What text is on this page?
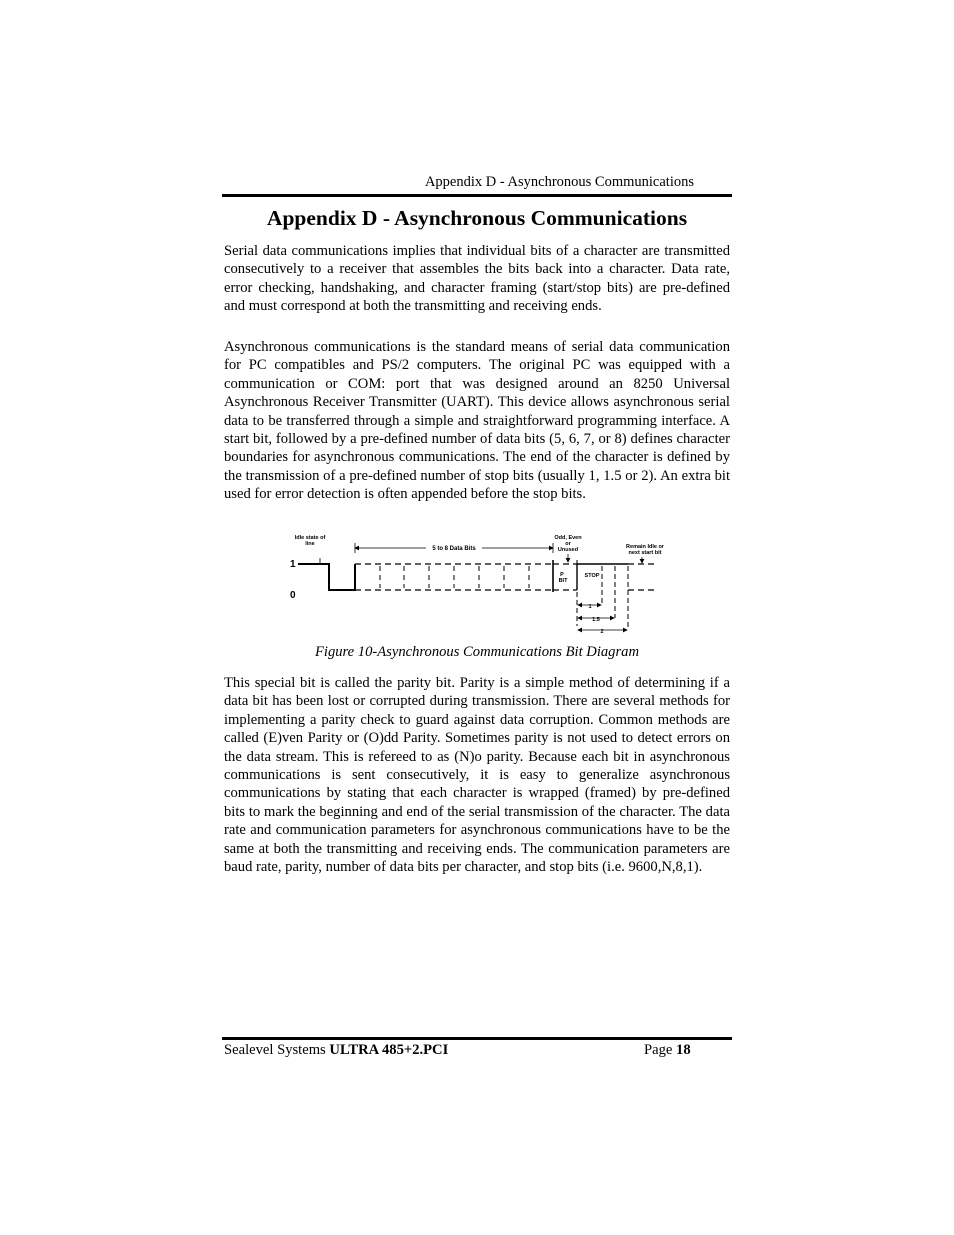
Appendix D - Asynchronous Communications
Appendix D - Asynchronous Communications

Serial data communications implies that individual bits of a character are transmitted consecutively to a receiver that assembles the bits back into a character. Data rate, error checking, handshaking, and character framing (start/stop bits) are pre-defined and must correspond at both the transmitting and receiving ends.

Asynchronous communications is the standard means of serial data communication for PC compatibles and PS/2 computers. The original PC was equipped with a communication or COM: port that was designed around an 8250 Universal Asynchronous Receiver Transmitter (UART). This device allows asynchronous serial data to be transferred through a simple and straightforward programming interface. A start bit, followed by a pre-defined number of data bits (5, 6, 7, or 8) defines character boundaries for asynchronous communications. The end of the character is defined by the transmission of a pre-defined number of stop bits (usually 1, 1.5 or 2). An extra bit used for error detection is often appended before the stop bits.

Idle state of
line
Odd, Even
or
Unused	Remain Idle or
next start bit
5 to 8 Data Bits
1
0
P
BIT
STOP
1
1.5
2
Figure 10-Asynchronous Communications Bit Diagram

This special bit is called the parity bit. Parity is a simple method of determining if a data bit has been lost or corrupted during transmission. There are several methods for implementing a parity check to guard against data corruption. Common methods are called (E)ven Parity or (O)dd Parity. Sometimes parity is not used to detect errors on the data stream. This is refereed to as (N)o parity. Because each bit in asynchronous communications is sent consecutively, it is easy to generalize asynchronous communications by stating that each character is wrapped (framed) by pre-defined bits to mark the beginning and end of the serial transmission of the character. The data rate and communication parameters for asynchronous communications have to be the same at both the transmitting and receiving ends. The communication parameters are baud rate, parity, number of data bits per character, and stop bits (i.e. 9600,N,8,1).

Sealevel Systems ULTRA 485+2.PCI	Page 18
